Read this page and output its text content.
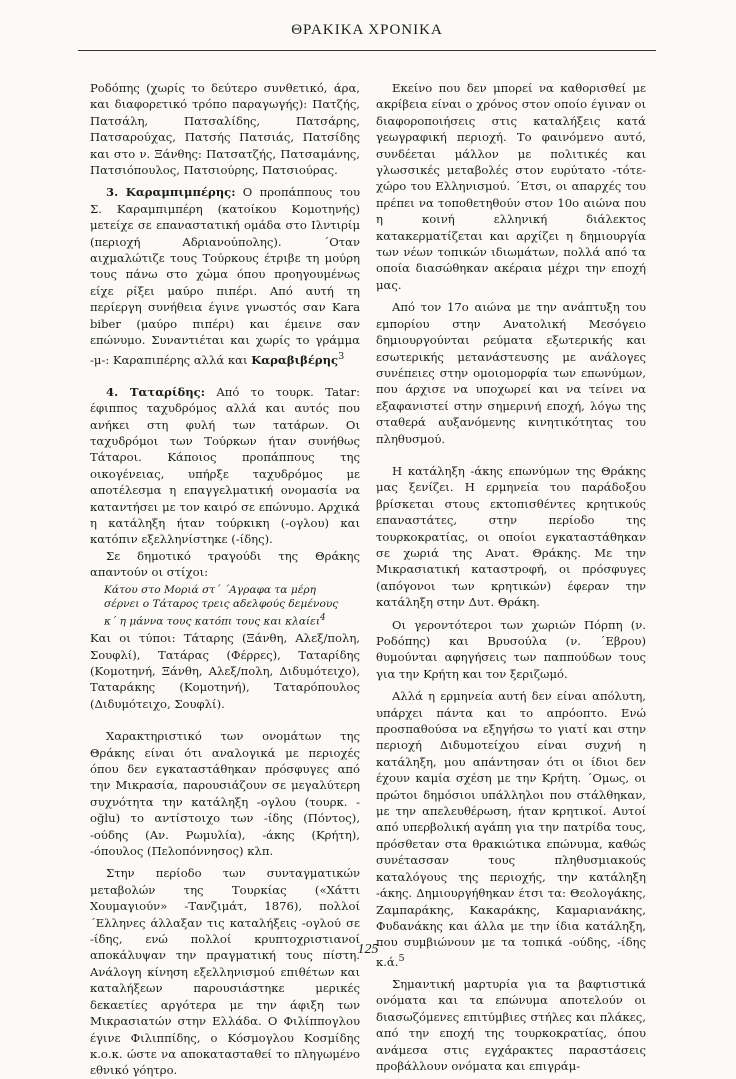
ΘΡΑΚΙΚΑ ΧΡΟΝΙΚΑ

Ροδόπης (χωρίς το δεύτερο συνθετικό, άρα, και διαφορετικό τρόπο παραγωγής): Πατζής, Πατσάλη, Πατσαλίδης, Πατσάρης, Πατσαρούχας, Πατσής Πατσιάς, Πατσίδης και στο ν. Ξάνθης: Πατσατζής, Πατσαμάνης, Πατσιόπουλος, Πατσιούρης, Πατσιούρας.

3. Καραμπιμπέρης: Ο προπάππους του Σ. Καραμπιμπέρη (κατοίκου Κομοτηνής) μετείχε σε επαναστατική ομάδα στο Ιλντιρίμ (περιοχή Αδριανούπολης). ΄Οταν αιχμαλώτιζε τους Τούρκους έτριβε τη μούρη τους πάνω στο χώμα όπου προηγουμένως είχε ρίξει μαύρο πιπέρι. Από αυτή τη περίεργη συνήθεια έγινε γνωστός σαν Kara biber (μαύρο πιπέρι) και έμεινε σαν επώνυμο. Συναντιέται και χωρίς το γράμμα -μ-: Καραπιπέρης αλλά και Καραβιβέρης$^3$

4. Ταταρίδης: Από το τουρκ. Tatar: έφιππος ταχυδρόμος αλλά και αυτός που ανήκει στη φυλή των τατάρων. Οι ταχυδρόμοι των Τούρκων ήταν συνήθως Τάταροι. Κάποιος προπάππους της οικογένειας, υπήρξε ταχυδρόμος με αποτέλεσμα η επαγγελματική ονομασία να καταντήσει με τον καιρό σε επώνυμο. Αρχικά η κατάληξη ήταν τούρκικη (-ογλου) και κατόπιν εξελληνίστηκε (-ίδης).

Σε δημοτικό τραγούδι της Θράκης απαντούν οι στίχοι:

Κάτου στο Μοριά στ΄ ΄Αγραφα τα μέρη
σέρνει ο Τάταρος τρεις αδελφούς δεμένους
κ΄ η μάννα τους κατόπι τους και κλαίει$^4$

Και οι τύποι: Τάταρης (Ξάνθη, Αλεξ/πολη, Σουφλί), Τατάρας (Φέρρες), Ταταρίδης (Κομοτηνή, Ξάνθη, Αλεξ/πολη, Διδυμότειχο), Ταταράκης (Κομοτηνή), Ταταρόπουλος (Διδυμότειχο, Σουφλί).

Χαρακτηριστικό των ονομάτων της Θράκης είναι ότι αναλογικά με περιοχές όπου δεν εγκαταστάθηκαν πρόσφυγες από την Μικρασία, παρουσιάζουν σε μεγαλύτερη συχνότητα την κατάληξη -ογλου (τουρκ. -oğlu) το αντίστοιχο των -ίδης (Πόντος), -ούδης (Αν. Ρωμυλία), -άκης (Κρήτη), -όπουλος (Πελοπόννησος) κλπ.

Στην περίοδο των συνταγματικών μεταβολών της Τουρκίας («Χάττι Χουμαγιούν» -Τανζιμάτ, 1876), πολλοί ΄Ελληνες άλλαξαν τις καταλήξεις -ογλού σε -ίδης, ενώ πολλοί κρυπτοχριστιανοί αποκάλυψαν την πραγματική τους πίστη. Ανάλογη κίνηση εξελληνισμού επιθέτων και καταλήξεων παρουσιάστηκε μερικές δεκαετίες αργότερα με την άφιξη των Μικρασιατών στην Ελλάδα. Ο Φιλίππογλου έγινε Φιλιππίδης, ο Κόσμογλου Κοσμίδης κ.ο.κ. ώστε να αποκατασταθεί το πληγωμένο εθνικό γόητρο.

Εκείνο που δεν μπορεί να καθορισθεί με ακρίβεια είναι ο χρόνος στον οποίο έγιναν οι διαφοροποιήσεις στις καταλήξεις κατά γεωγραφική περιοχή. Το φαινόμενο αυτό, συνδέεται μάλλον με πολιτικές και γλωσσικές μεταβολές στον ευρύτατο -τότε- χώρο του Ελληνισμού. ΄Ετσι, οι απαρχές του πρέπει να τοποθετηθούν στον 10ο αιώνα που η κοινή ελληνική διάλεκτος κατακερματίζεται και αρχίζει η δημιουργία των νέων τοπικών ιδιωμάτων, πολλά από τα οποία διασώθηκαν ακέραια μέχρι την εποχή μας.

Από τον 17ο αιώνα με την ανάπτυξη του εμπορίου στην Ανατολική Μεσόγειο δημιουργούνται ρεύματα εξωτερικής και εσωτερικής μετανάστευσης με ανάλογες συνέπειες στην ομοιομορφία των επωνύμων, που άρχισε να υποχωρεί και να τείνει να εξαφανιστεί στην σημερινή εποχή, λόγω της σταθερά αυξανόμενης κινητικότητας του πληθυσμού.

Η κατάληξη -άκης επωνύμων της Θράκης μας ξενίζει. Η ερμηνεία του παράδοξου βρίσκεται στους εκτοπισθέντες κρητικούς επαναστάτες, στην περίοδο της τουρκοκρατίας, οι οποίοι εγκαταστάθηκαν σε χωριά της Ανατ. Θράκης. Με την Μικρασιατική καταστροφή, οι πρόσφυγες (απόγονοι των κρητικών) έφεραν την κατάληξη στην Δυτ. Θράκη.

Οι γεροντότεροι των χωριών Πόρπη (ν. Ροδόπης) και Βρυσούλα (ν. ΄Εβρου) θυμούνται αφηγήσεις των παππούδων τους για την Κρήτη και τον ξεριζωμό.

Αλλά η ερμηνεία αυτή δεν είναι απόλυτη, υπάρχει πάντα και το απρόοπτο. Ενώ προσπαθούσα να εξηγήσω το γιατί και στην περιοχή Διδυμοτείχου είναι συχνή η κατάληξη, μου απάντησαν ότι οι ίδιοι δεν έχουν καμία σχέση με την Κρήτη. ΄Ομως, οι πρώτοι δημόσιοι υπάλληλοι που στάλθηκαν, με την απελευθέρωση, ήταν κρητικοί. Αυτοί από υπερβολική αγάπη για την πατρίδα τους, πρόσθεταν στα θρακιώτικα επώνυμα, καθώς συνέτασσαν τους πληθυσμιακούς καταλόγους της περιοχής, την κατάληξη -άκης. Δημιουργήθηκαν έτσι τα: Θεολογάκης, Ζαμπαράκης, Κακαράκης, Καμαριανάκης, Φυδανάκης και άλλα με την ίδια κατάληξη, που συμβιώνουν με τα τοπικά -ούδης, -ίδης κ.ά.$^5$

Σημαντική μαρτυρία για τα βαφτιστικά ονόματα και τα επώνυμα αποτελούν οι διασωζόμενες επιτύμβιες στήλες και πλάκες, από την εποχή της τουρκοκρατίας, όπου ανάμεσα στις εγχάρακτες παραστάσεις προβάλλουν ονόματα και επιγράμ-

125
